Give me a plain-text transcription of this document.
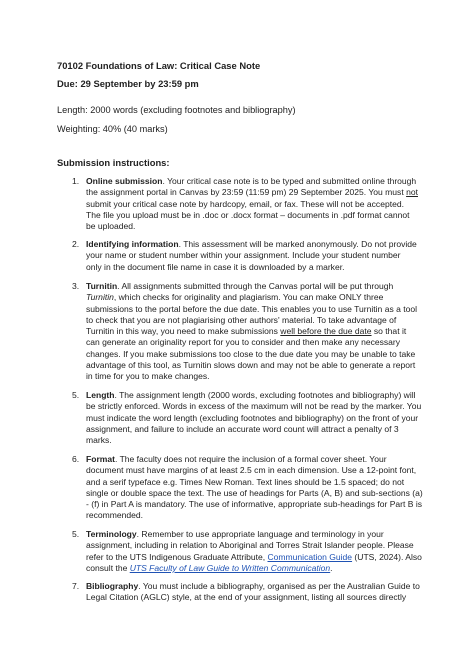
70102 Foundations of Law: Critical Case Note
Due: 29 September by 23:59 pm
Length: 2000 words (excluding footnotes and bibliography)
Weighting: 40% (40 marks)
Submission instructions:
1. Online submission. Your critical case note is to be typed and submitted online through
the assignment portal in Canvas by 23:59 (11:59 pm) 29 September 2025. You must not
submit your critical case note by hardcopy, email, or fax. These will not be accepted.
The file you upload must be in .doc or .docx format – documents in .pdf format cannot
be uploaded.
2. Identifying information. This assessment will be marked anonymously. Do not provide
your name or student number within your assignment. Include your student number
only in the document file name in case it is downloaded by a marker.
3. Turnitin. All assignments submitted through the Canvas portal will be put through
Turnitin, which checks for originality and plagiarism. You can make ONLY three
submissions to the portal before the due date. This enables you to use Turnitin as a tool
to check that you are not plagiarising other authors' material. To take advantage of
Turnitin in this way, you need to make submissions well before the due date so that it
can generate an originality report for you to consider and then make any necessary
changes. If you make submissions too close to the due date you may be unable to take
advantage of this tool, as Turnitin slows down and may not be able to generate a report
in time for you to make changes.
5. Length. The assignment length (2000 words, excluding footnotes and bibliography) will
be strictly enforced. Words in excess of the maximum will not be read by the marker. You
must indicate the word length (excluding footnotes and bibliography) on the front of your
assignment, and failure to include an accurate word count will attract a penalty of 3
marks.
6. Format. The faculty does not require the inclusion of a formal cover sheet. Your
document must have margins of at least 2.5 cm in each dimension. Use a 12-point font,
and a serif typeface e.g. Times New Roman. Text lines should be 1.5 spaced; do not
single or double space the text. The use of headings for Parts (A, B) and sub-sections (a)
- (f) in Part A is mandatory. The use of informative, appropriate sub-headings for Part B is
recommended.
5. Terminology. Remember to use appropriate language and terminology in your
assignment, including in relation to Aboriginal and Torres Strait Islander people. Please
refer to the UTS Indigenous Graduate Attribute, Communication Guide (UTS, 2024). Also
consult the UTS Faculty of Law Guide to Written Communication.
7. Bibliography. You must include a bibliography, organised as per the Australian Guide to
Legal Citation (AGLC) style, at the end of your assignment, listing all sources directly
